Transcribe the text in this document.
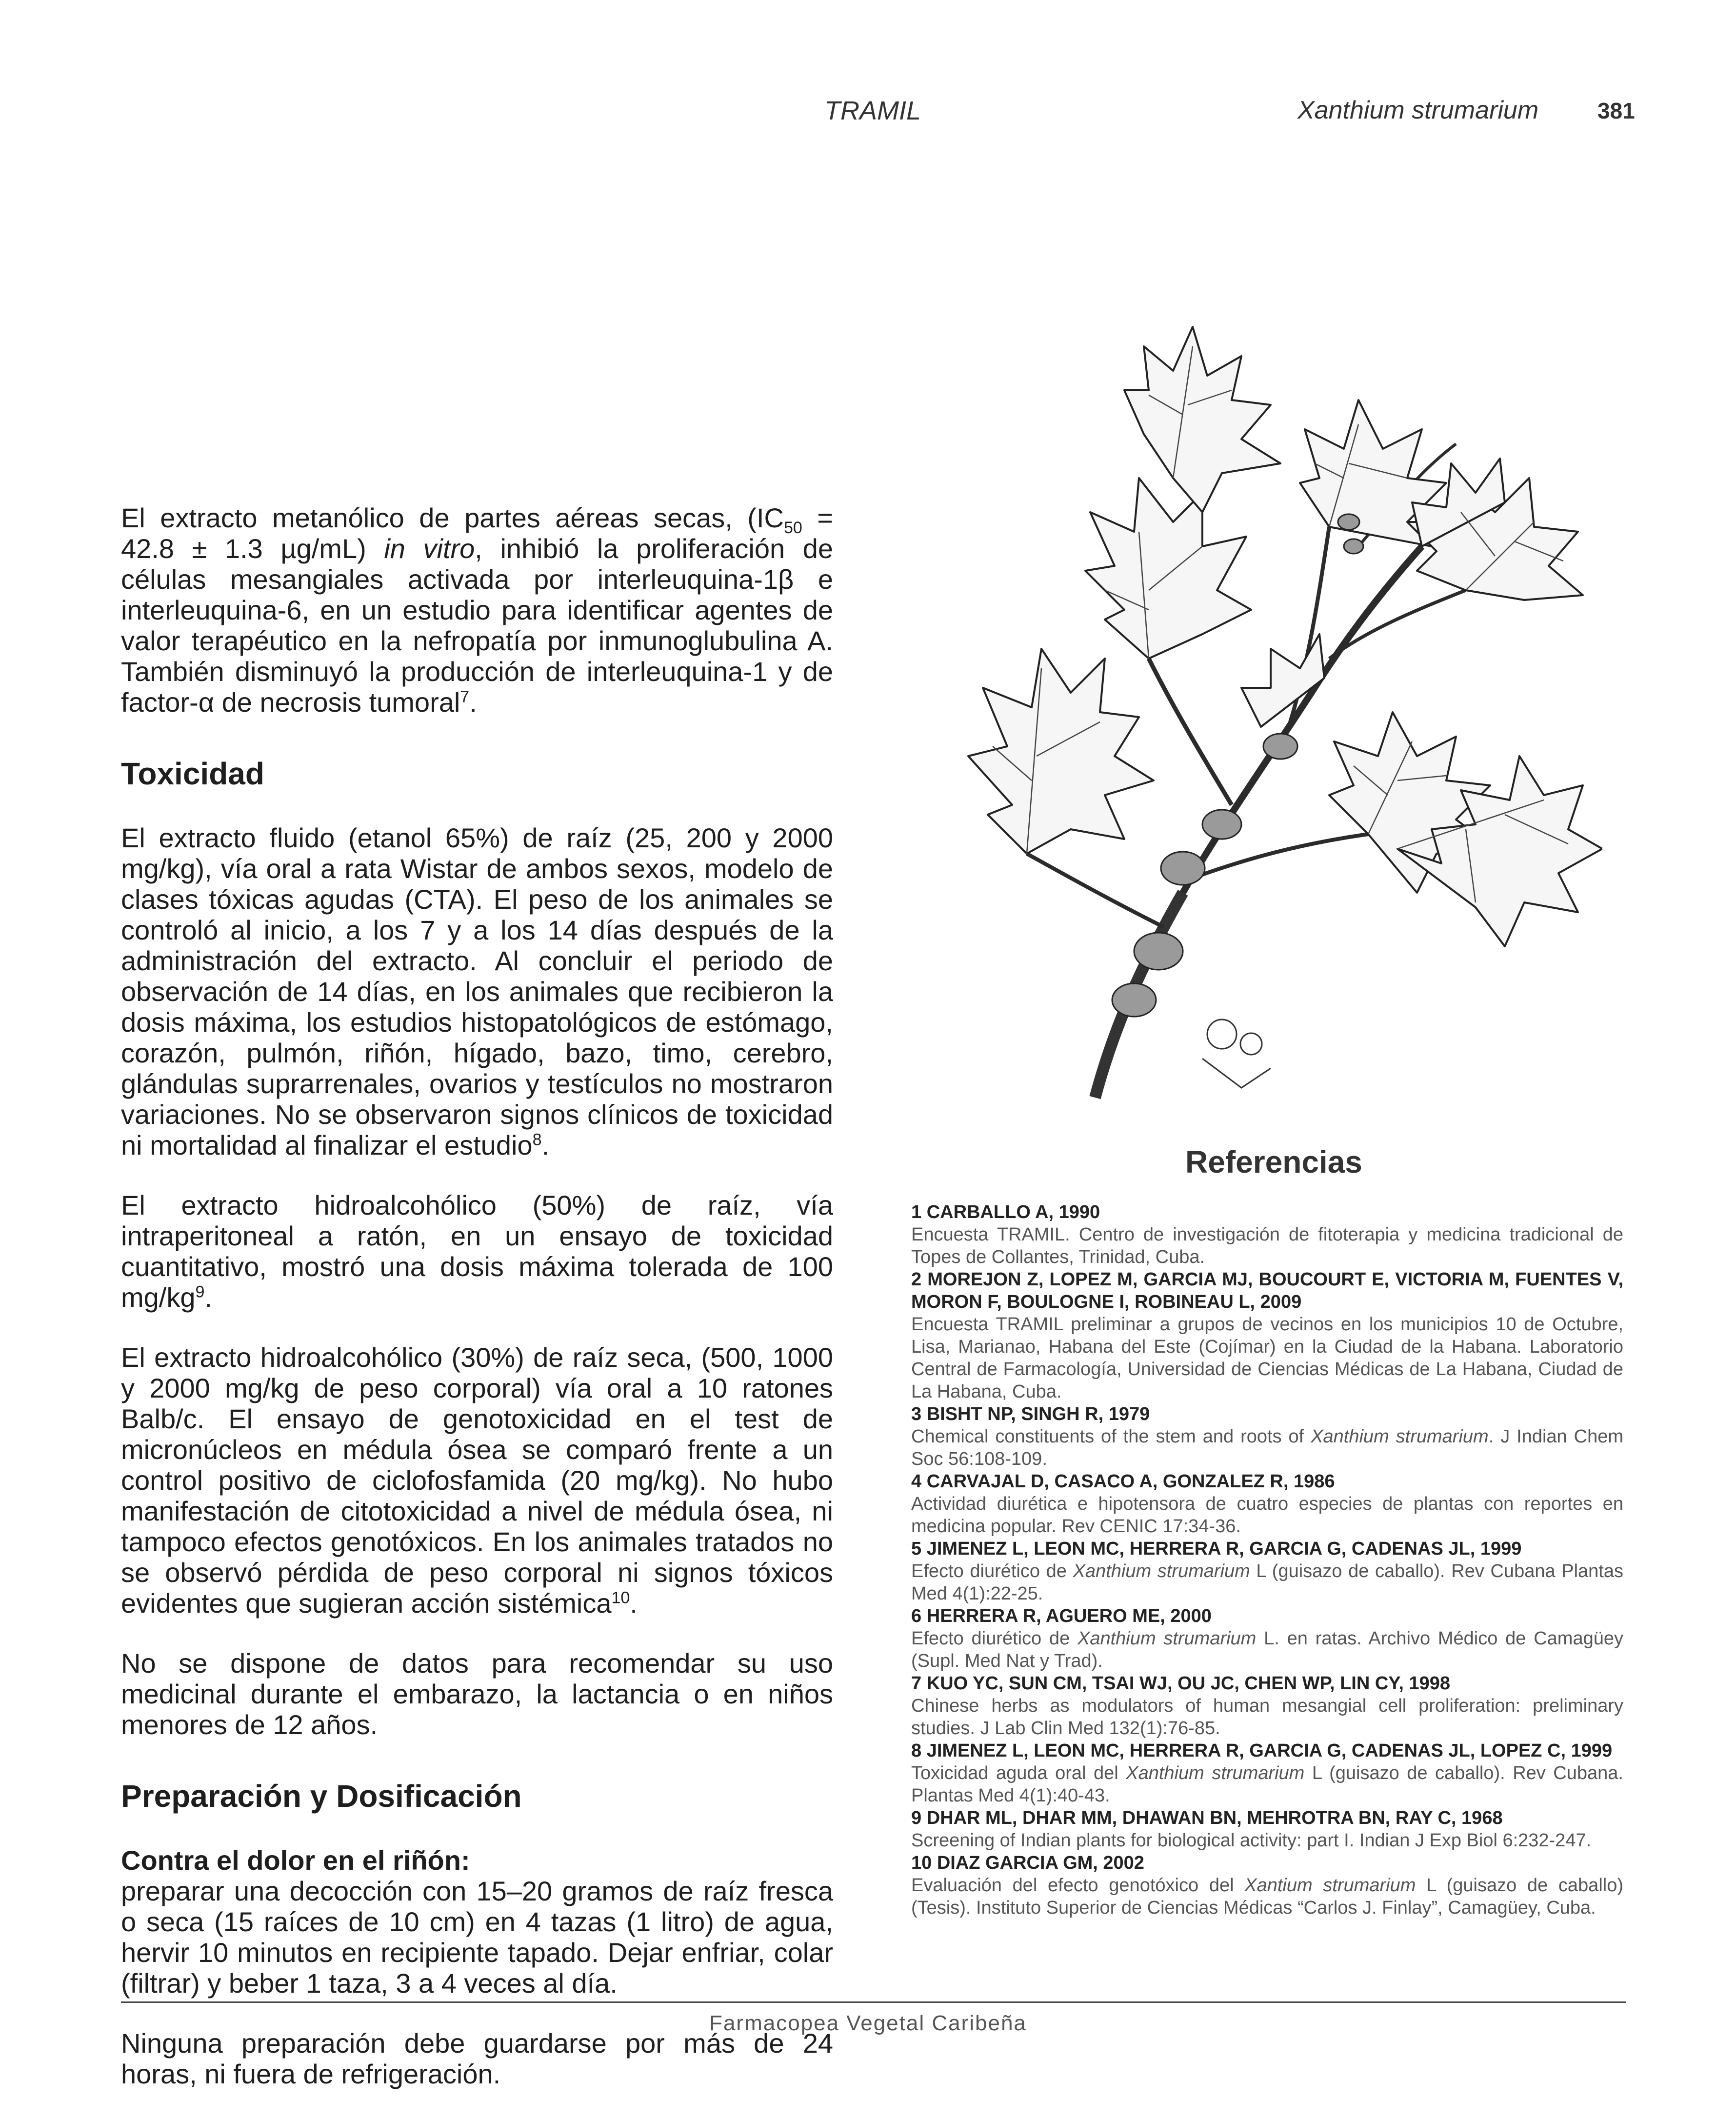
TRAMIL	Xanthium strumarium	381

El extracto metanólico de partes aéreas secas, ($IC_{50} = 42.8 \pm 1.3$ µg/mL) in vitro, inhibió la proliferación de células mesangiales activada por interleuquina-1β e interleuquina-6, en un estudio para identificar agentes de valor terapéutico en la nefropatía por inmunoglubulina A. También disminuyó la producción de interleuquina-1 y de factor-α de necrosis tumoral$^7$.

Toxicidad

El extracto fluido (etanol 65%) de raíz (25, 200 y 2000 mg/kg), vía oral a rata Wistar de ambos sexos, modelo de clases tóxicas agudas (CTA). El peso de los animales se controló al inicio, a los 7 y a los 14 días después de la administración del extracto. Al concluir el periodo de observación de 14 días, en los animales que recibieron la dosis máxima, los estudios histopatológicos de estómago, corazón, pulmón, riñón, hígado, bazo, timo, cerebro, glándulas suprarrenales, ovarios y testículos no mostraron variaciones. No se observaron signos clínicos de toxicidad ni mortalidad al finalizar el estudio$^8$.

El extracto hidroalcohólico (50%) de raíz, vía intraperitoneal a ratón, en un ensayo de toxicidad cuantitativo, mostró una dosis máxima tolerada de 100 $mg/kg^9$.

El extracto hidroalcohólico (30%) de raíz seca, (500, 1000 y 2000 mg/kg de peso corporal) vía oral a 10 ratones Balb/c. El ensayo de genotoxicidad en el test de micronúcleos en médula ósea se comparó frente a un control positivo de ciclofosfamida (20 mg/kg). No hubo manifestación de citotoxicidad a nivel de médula ósea, ni tampoco efectos genotóxicos. En los animales tratados no se observó pérdida de peso corporal ni signos tóxicos evidentes que sugieran acción sistémica$^{10}$.

No se dispone de datos para recomendar su uso medicinal durante el embarazo, la lactancia o en niños menores de 12 años.

Preparación y Dosificación

Contra el dolor en el riñón:

preparar una decocción con 15–20 gramos de raíz fresca o seca (15 raíces de 10 cm) en 4 tazas (1 litro) de agua, hervir 10 minutos en recipiente tapado. Dejar enfriar, colar (filtrar) y beber 1 taza, 3 a 4 veces al día.

Ninguna preparación debe guardarse por más de 24 horas, ni fuera de refrigeración.

Referencias
1 CARBALLO A, 1990
Encuesta TRAMIL. Centro de investigación de fitoterapia y medicina tradicional de Topes de Collantes, Trinidad, Cuba.
2 MOREJON Z, LOPEZ M, GARCIA MJ, BOUCOURT E, VICTORIA M, FUENTES V, MORON F, BOULOGNE I, ROBINEAU L, 2009
Encuesta TRAMIL preliminar a grupos de vecinos en los municipios 10 de Octubre, Lisa, Marianao, Habana del Este (Cojímar) en la Ciudad de la Habana. Laboratorio Central de Farmacología, Universidad de Ciencias Médicas de La Habana, Ciudad de La Habana, Cuba.
3 BISHT NP, SINGH R, 1979
Chemical constituents of the stem and roots of Xanthium strumarium. J Indian Chem Soc 56:108-109.
4 CARVAJAL D, CASACO A, GONZALEZ R, 1986
Actividad diurética e hipotensora de cuatro especies de plantas con reportes en medicina popular. Rev CENIC 17:34-36.
5 JIMENEZ L, LEON MC, HERRERA R, GARCIA G, CADENAS JL, 1999
Efecto diurético de Xanthium strumarium L (guisazo de caballo). Rev Cubana Plantas Med 4(1):22-25.
6 HERRERA R, AGUERO ME, 2000
Efecto diurético de Xanthium strumarium L. en ratas. Archivo Médico de Camagüey (Supl. Med Nat y Trad).
7 KUO YC, SUN CM, TSAI WJ, OU JC, CHEN WP, LIN CY, 1998
Chinese herbs as modulators of human mesangial cell proliferation: preliminary studies. J Lab Clin Med 132(1):76-85.
8 JIMENEZ L, LEON MC, HERRERA R, GARCIA G, CADENAS JL, LOPEZ C, 1999
Toxicidad aguda oral del Xanthium strumarium L (guisazo de caballo). Rev Cubana. Plantas Med 4(1):40-43.
9 DHAR ML, DHAR MM, DHAWAN BN, MEHROTRA BN, RAY C, 1968
Screening of Indian plants for biological activity: part I. Indian J Exp Biol 6:232-247.
10 DIAZ GARCIA GM, 2002
Evaluación del efecto genotóxico del Xantium strumarium L (guisazo de caballo) (Tesis). Instituto Superior de Ciencias Médicas “Carlos J. Finlay”, Camagüey, Cuba.
Farmacopea Vegetal Caribeña
